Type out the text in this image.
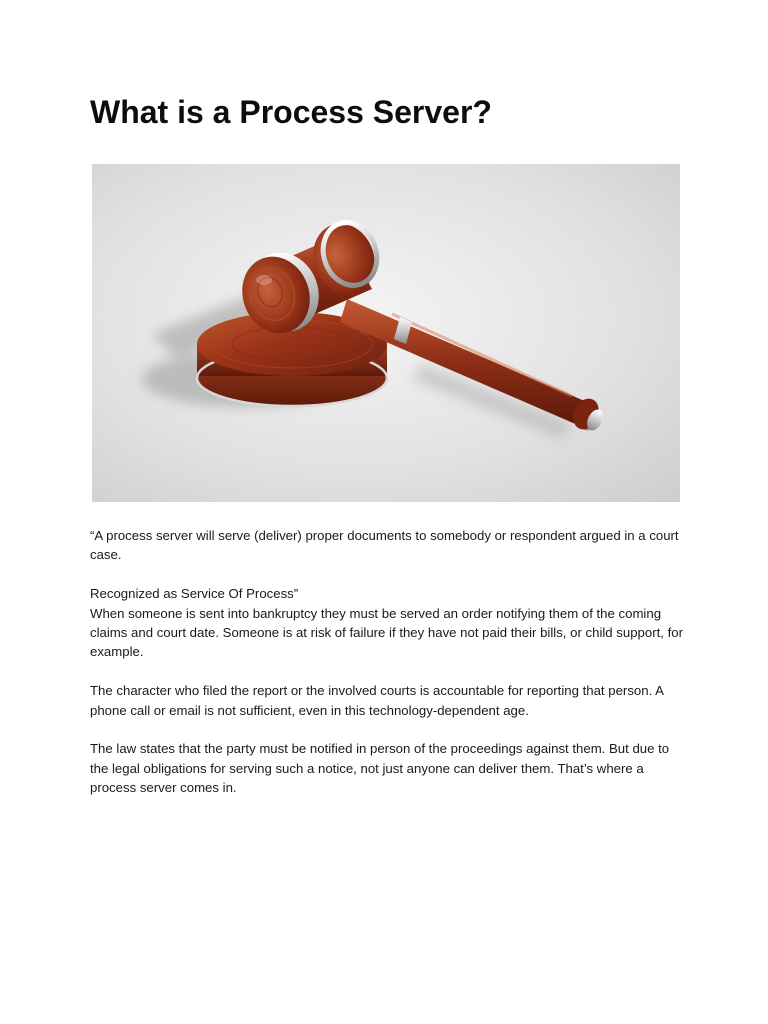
What is a Process Server?

“A process server will serve (deliver) proper documents to somebody or respondent argued in a court case.

Recognized as Service Of Process”

When someone is sent into bankruptcy they must be served an order notifying them of the coming claims and court date. Someone is at risk of failure if they have not paid their bills, or child support, for example.

The character who filed the report or the involved courts is accountable for reporting that person. A phone call or email is not sufficient, even in this technology-dependent age.

The law states that the party must be notified in person of the proceedings against them. But due to the legal obligations for serving such a notice, not just anyone can deliver them. That’s where a process server comes in.
